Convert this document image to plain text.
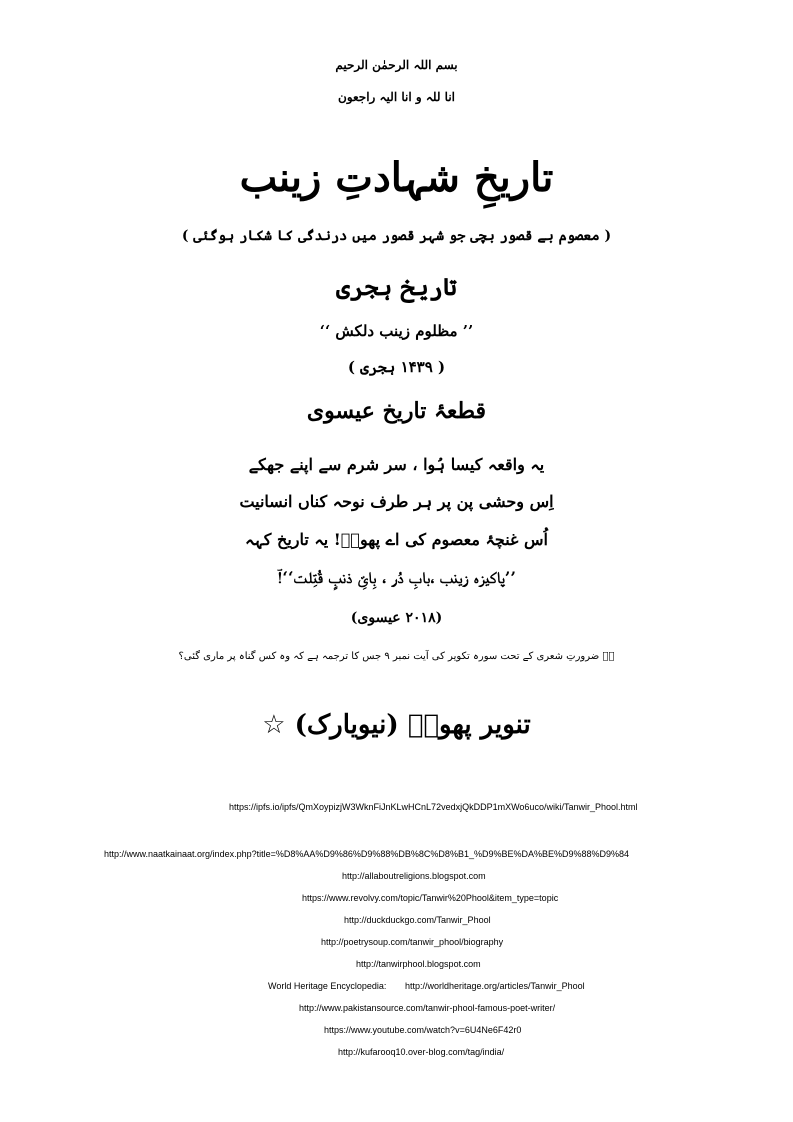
بسم اللہ الرحمٰن الرحیم
انا للہ و انا الیہ راجعون
تاریخِ شہادتِ زینب
( معصوم بے قصور بچی جو شہر قصور میں درندگی کا شکار ہوگئی )
تاریخ ہجری
’’ مظلوم زینب دلکش ‘‘
( ۱۴۳۹ ہجری )
قطعۂ تاریخ عیسوی
یہ واقعہ کیسا ہُوا ، سر شرم سے اپنے جھکے
اِس وحشی پن پر ہر طرف نوحہ کناں انسانیت
اُس غنچۂ معصوم کی اے پھولؔ! یہ تاریخ کہہ
’’پاکیزہ زینب ،بابِ دُر ، بِایِّ ذنبٍ قُتِلت‘‘!ؔ
(۲۰۱۸ عیسوی)
لؔ ضرورتِ شعری کے تحت سورہ تکویر کی آیت نمبر ۹ جس کا ترجمہ ہے کہ وہ کس گناہ پر ماری گئی؟
☆ تنویر پھولؔ (نیویارک)
https://ipfs.io/ipfs/QmXoypizjW3WknFiJnKLwHCnL72vedxjQkDDP1mXWo6uco/wiki/Tanwir_Phool.html
http://www.naatkainaat.org/index.php?title=%D8%AA%D9%86%D9%88%DB%8C%D8%B1_%D9%BE%DA%BE%D9%88%D9%84
http://allaboutreligions.blogspot.com
https://www.revolvy.com/topic/Tanwir%20Phool&item_type=topic
http://duckduckgo.com/Tanwir_Phool
http://poetrysoup.com/tanwir_phool/biography
http://tanwirphool.blogspot.com
World Heritage Encyclopedia: http://worldheritage.org/articles/Tanwir_Phool
http://www.pakistansource.com/tanwir-phool-famous-poet-writer/
https://www.youtube.com/watch?v=6U4Ne6F42r0
http://kufarooq10.over-blog.com/tag/india/
